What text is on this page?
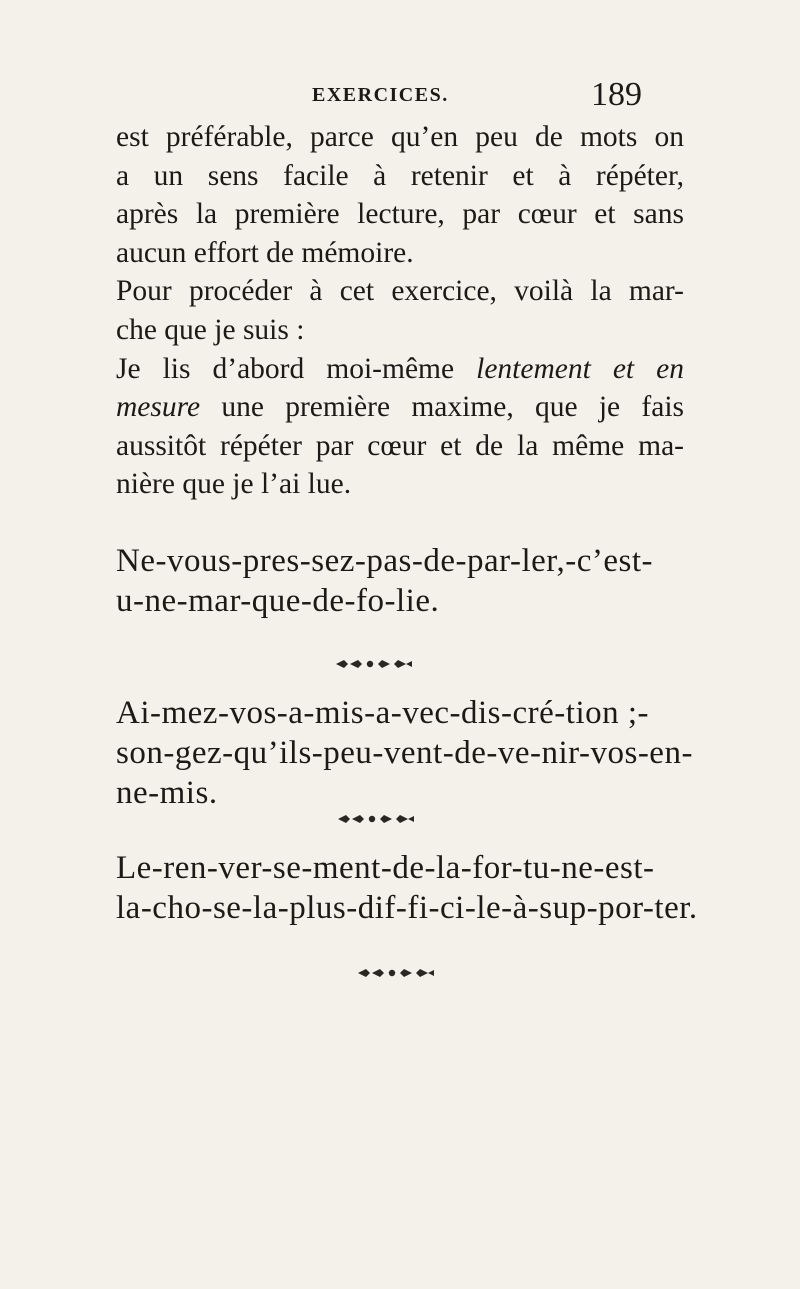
EXERCICES.	189
est préférable, parce qu’en peu de mots on
a un sens facile à retenir et à répéter,
après la première lecture, par cœur et sans
aucun effort de mémoire.
Pour procéder à cet exercice, voilà la mar-
che que je suis :
Je lis d’abord moi-même lentement et en
mesure une première maxime, que je fais
aussitôt répéter par cœur et de la même ma-
nière que je l’ai lue.
Ne-vous-pres-sez-pas-de-par-ler,-c’est-
u-ne-mar-que-de-fo-lie.
Ai-mez-vos-a-mis-a-vec-dis-cré-tion ;-
son-gez-qu’ils-peu-vent-de-ve-nir-vos-en-
ne-mis.
Le-ren-ver-se-ment-de-la-for-tu-ne-est-
la-cho-se-la-plus-dif-fi-ci-le-à-sup-por-ter.
